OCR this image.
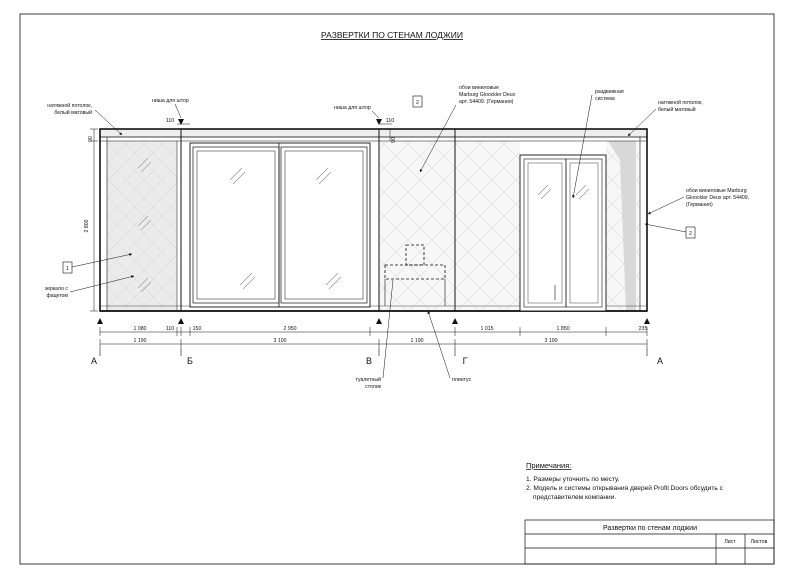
РАЗВЕРТКИ ПО СТЕНАМ ЛОДЖИИ
1 080	110	150	2 950	1 015	1 850	235
1 190	3 100	1 190	3 100
А	Б	В	Г	А
90
2 800
90
110	110
натяжной потолок,
белый матовый
ниша для штор
ниша для штор
2
обои виниловые
Marburg Gloockler Deux
арт. 54409. (Германия)
раздвижная
система
натяжной потолок,
белый матовый
обои виниловые Marburg
Gloockler Deux арт. 54409,
(Германия)
2
1
зеркало с
фацетом
туалетный
столик
плинтус
Примечания:
1. Размеры уточнить по месту.
2. Модель и системы открывания дверей Profil Doors обсудить с
представителем компании.
Развертки по стенам лоджии
Лист	Листов
